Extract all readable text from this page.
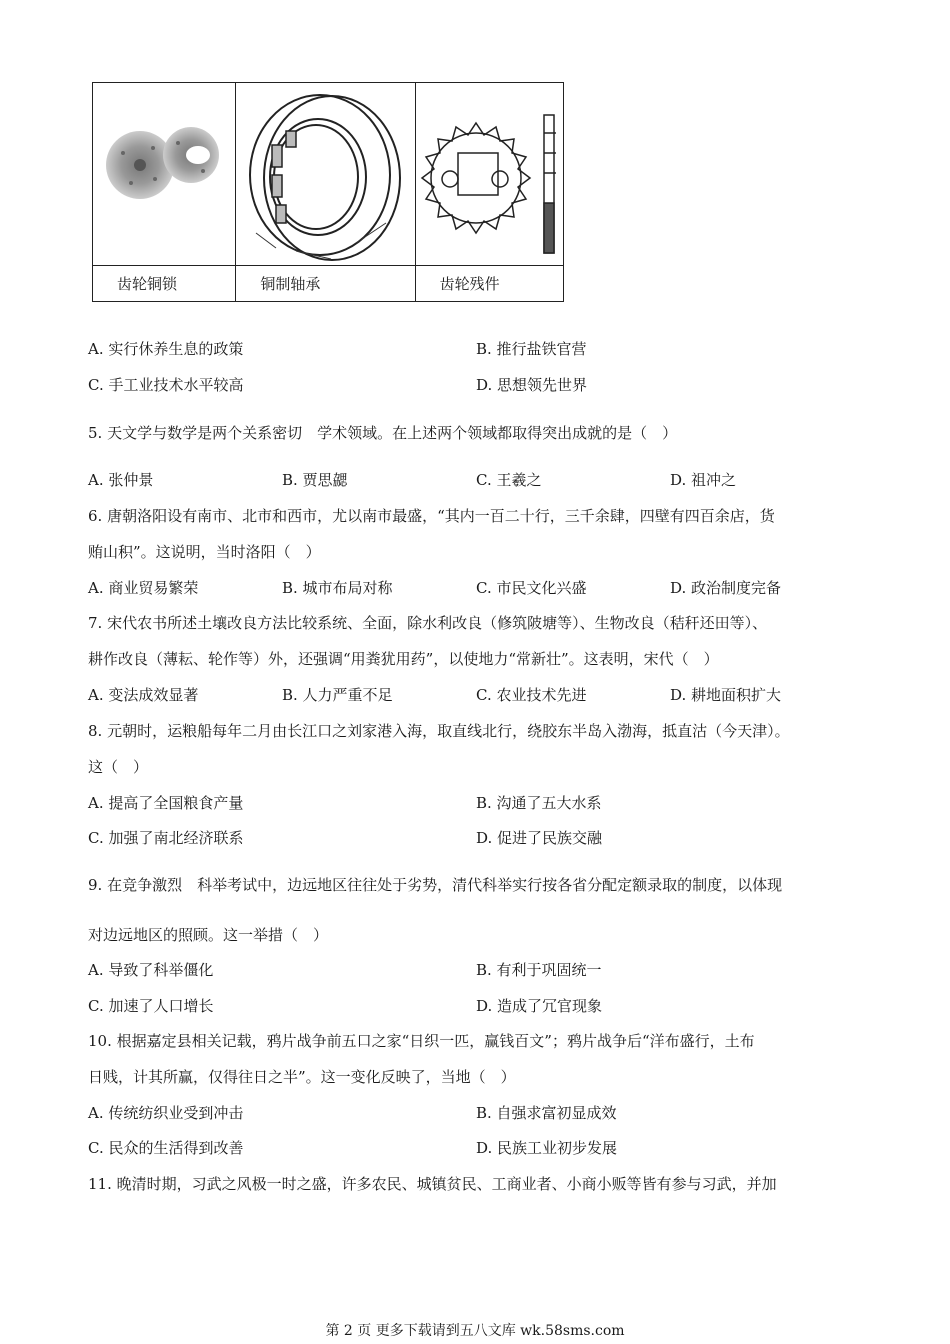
齿轮铜锁	铜制轴承	齿轮残件
A. 实行休养生息的政策	B. 推行盐铁官营
C. 手工业技术水平较高	D. 思想领先世界
5. 天文学与数学是两个关系密切　学术领域。在上述两个领域都取得突出成就的是（　）
A. 张仲景	B. 贾思勰	C. 王羲之	D. 祖冲之
6. 唐朝洛阳设有南市、北市和西市，尤以南市最盛，“其内一百二十行，三千余肆，四壁有四百余店，货
贿山积”。这说明，当时洛阳（　）
A. 商业贸易繁荣	B. 城市布局对称	C. 市民文化兴盛	D. 政治制度完备
7. 宋代农书所述土壤改良方法比较系统、全面，除水利改良（修筑陂塘等）、生物改良（秸秆还田等）、
耕作改良（薄耘、轮作等）外，还强调“用粪犹用药”，以使地力“常新壮”。这表明，宋代（　）
A. 变法成效显著	B. 人力严重不足	C. 农业技术先进	D. 耕地面积扩大
8. 元朝时，运粮船每年二月由长江口之刘家港入海，取直线北行，绕胶东半岛入渤海，抵直沽（今天津）。
这（　）
A. 提高了全国粮食产量	B. 沟通了五大水系
C. 加强了南北经济联系	D. 促进了民族交融
9. 在竞争激烈　科举考试中，边远地区往往处于劣势，清代科举实行按各省分配定额录取的制度，以体现
对边远地区的照顾。这一举措（　）
A. 导致了科举僵化	B. 有利于巩固统一
C. 加速了人口增长	D. 造成了冗官现象
10. 根据嘉定县相关记载，鸦片战争前五口之家“日织一匹，赢钱百文”；鸦片战争后“洋布盛行，土布
日贱，计其所赢，仅得往日之半”。这一变化反映了，当地（　）
A. 传统纺织业受到冲击	B. 自强求富初显成效
C. 民众的生活得到改善	D. 民族工业初步发展
11. 晚清时期，习武之风极一时之盛，许多农民、城镇贫民、工商业者、小商小贩等皆有参与习武，并加
第 2 页 更多下载请到五八文库 wk.58sms.com
